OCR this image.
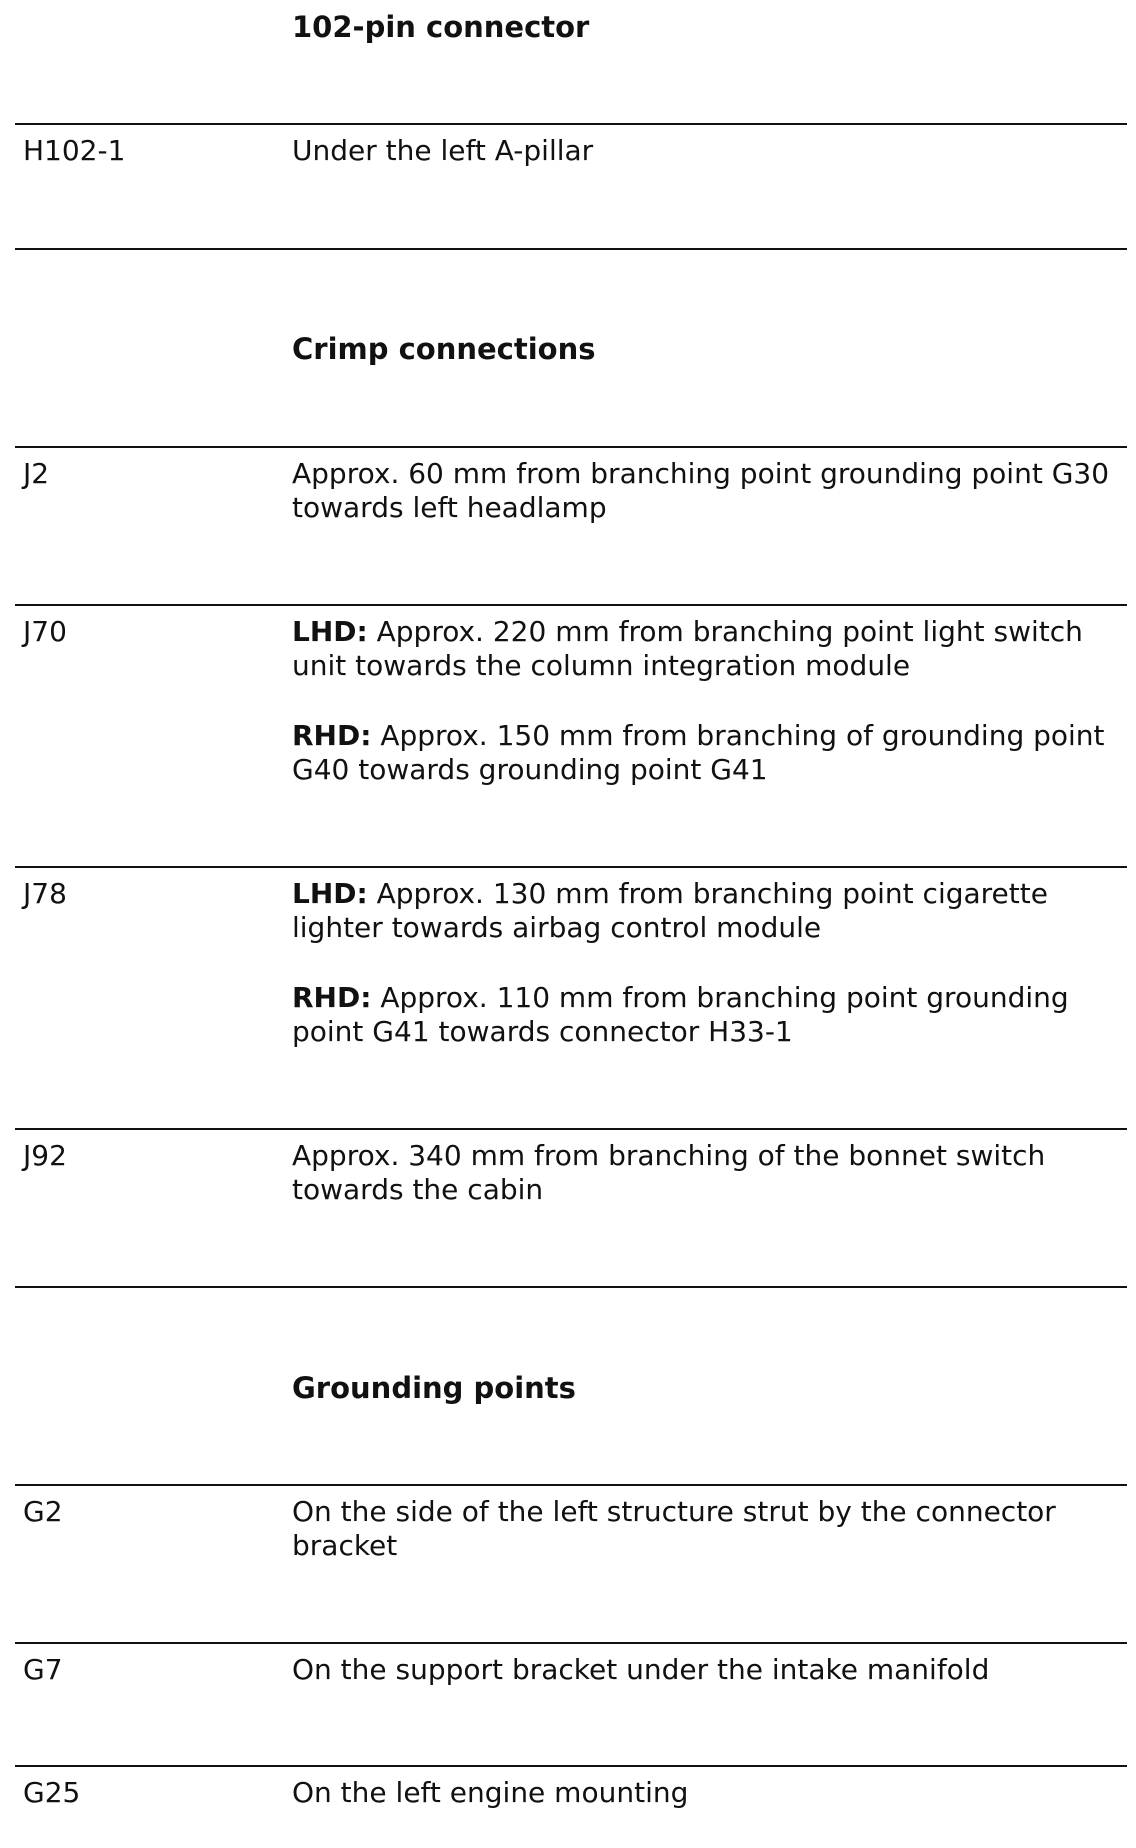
102-pin connector
H102-1	Under the left A-pillar

Crimp connections
J2	Approx. 60 mm from branching point grounding point G30 towards left headlamp

J70	LHD: Approx. 220 mm from branching point light switch unit towards the column integration module

RHD: Approx. 150 mm from branching of grounding point G40 towards grounding point G41

J78	LHD: Approx. 130 mm from branching point cigarette lighter towards airbag control module

RHD: Approx. 110 mm from branching point grounding point G41 towards connector H33-1

J92	Approx. 340 mm from branching of the bonnet switch towards the cabin

Grounding points
G2	On the side of the left structure strut by the connector bracket

G7	On the support bracket under the intake manifold

G25	On the left engine mounting
